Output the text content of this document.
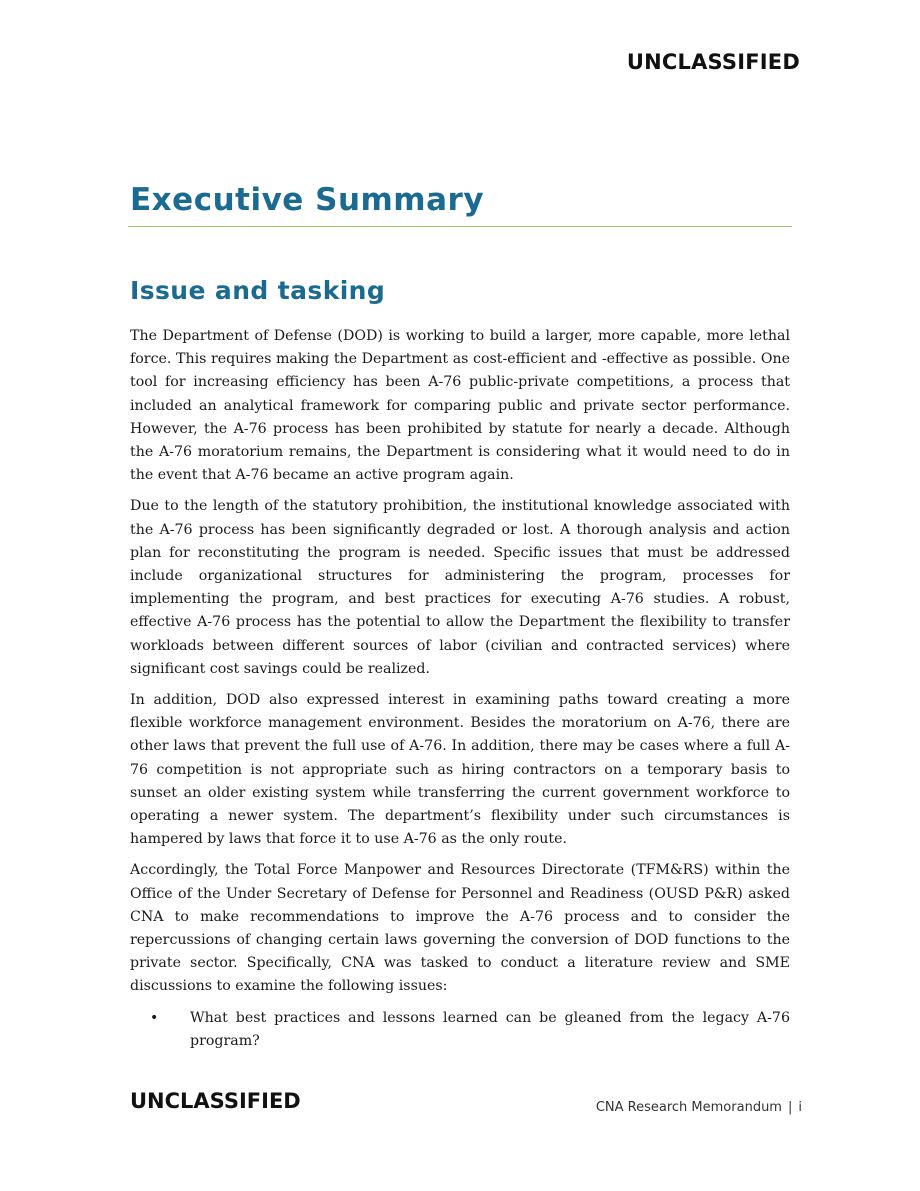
UNCLASSIFIED
Executive Summary
Issue and tasking

The Department of Defense (DOD) is working to build a larger, more capable, more lethal force. This requires making the Department as cost-efficient and -effective as possible. One tool for increasing efficiency has been A-76 public-private competitions, a process that included an analytical framework for comparing public and private sector performance. However, the A-76 process has been prohibited by statute for nearly a decade. Although the A-76 moratorium remains, the Department is considering what it would need to do in the event that A-76 became an active program again.

Due to the length of the statutory prohibition, the institutional knowledge associated with the A-76 process has been significantly degraded or lost. A thorough analysis and action plan for reconstituting the program is needed. Specific issues that must be addressed include organizational structures for administering the program, processes for implementing the program, and best practices for executing A-76 studies. A robust, effective A-76 process has the potential to allow the Department the flexibility to transfer workloads between different sources of labor (civilian and contracted services) where significant cost savings could be realized.

In addition, DOD also expressed interest in examining paths toward creating a more flexible workforce management environment. Besides the moratorium on A-76, there are other laws that prevent the full use of A-76. In addition, there may be cases where a full A-76 competition is not appropriate such as hiring contractors on a temporary basis to sunset an older existing system while transferring the current government workforce to operating a newer system. The department’s flexibility under such circumstances is hampered by laws that force it to use A-76 as the only route.

Accordingly, the Total Force Manpower and Resources Directorate (TFM&RS) within the Office of the Under Secretary of Defense for Personnel and Readiness (OUSD P&R) asked CNA to make recommendations to improve the A-76 process and to consider the repercussions of changing certain laws governing the conversion of DOD functions to the private sector. Specifically, CNA was tasked to conduct a literature review and SME discussions to examine the following issues:

• What best practices and lessons learned can be gleaned from the legacy A-76 program?
UNCLASSIFIED	CNA Research Memorandum | i
